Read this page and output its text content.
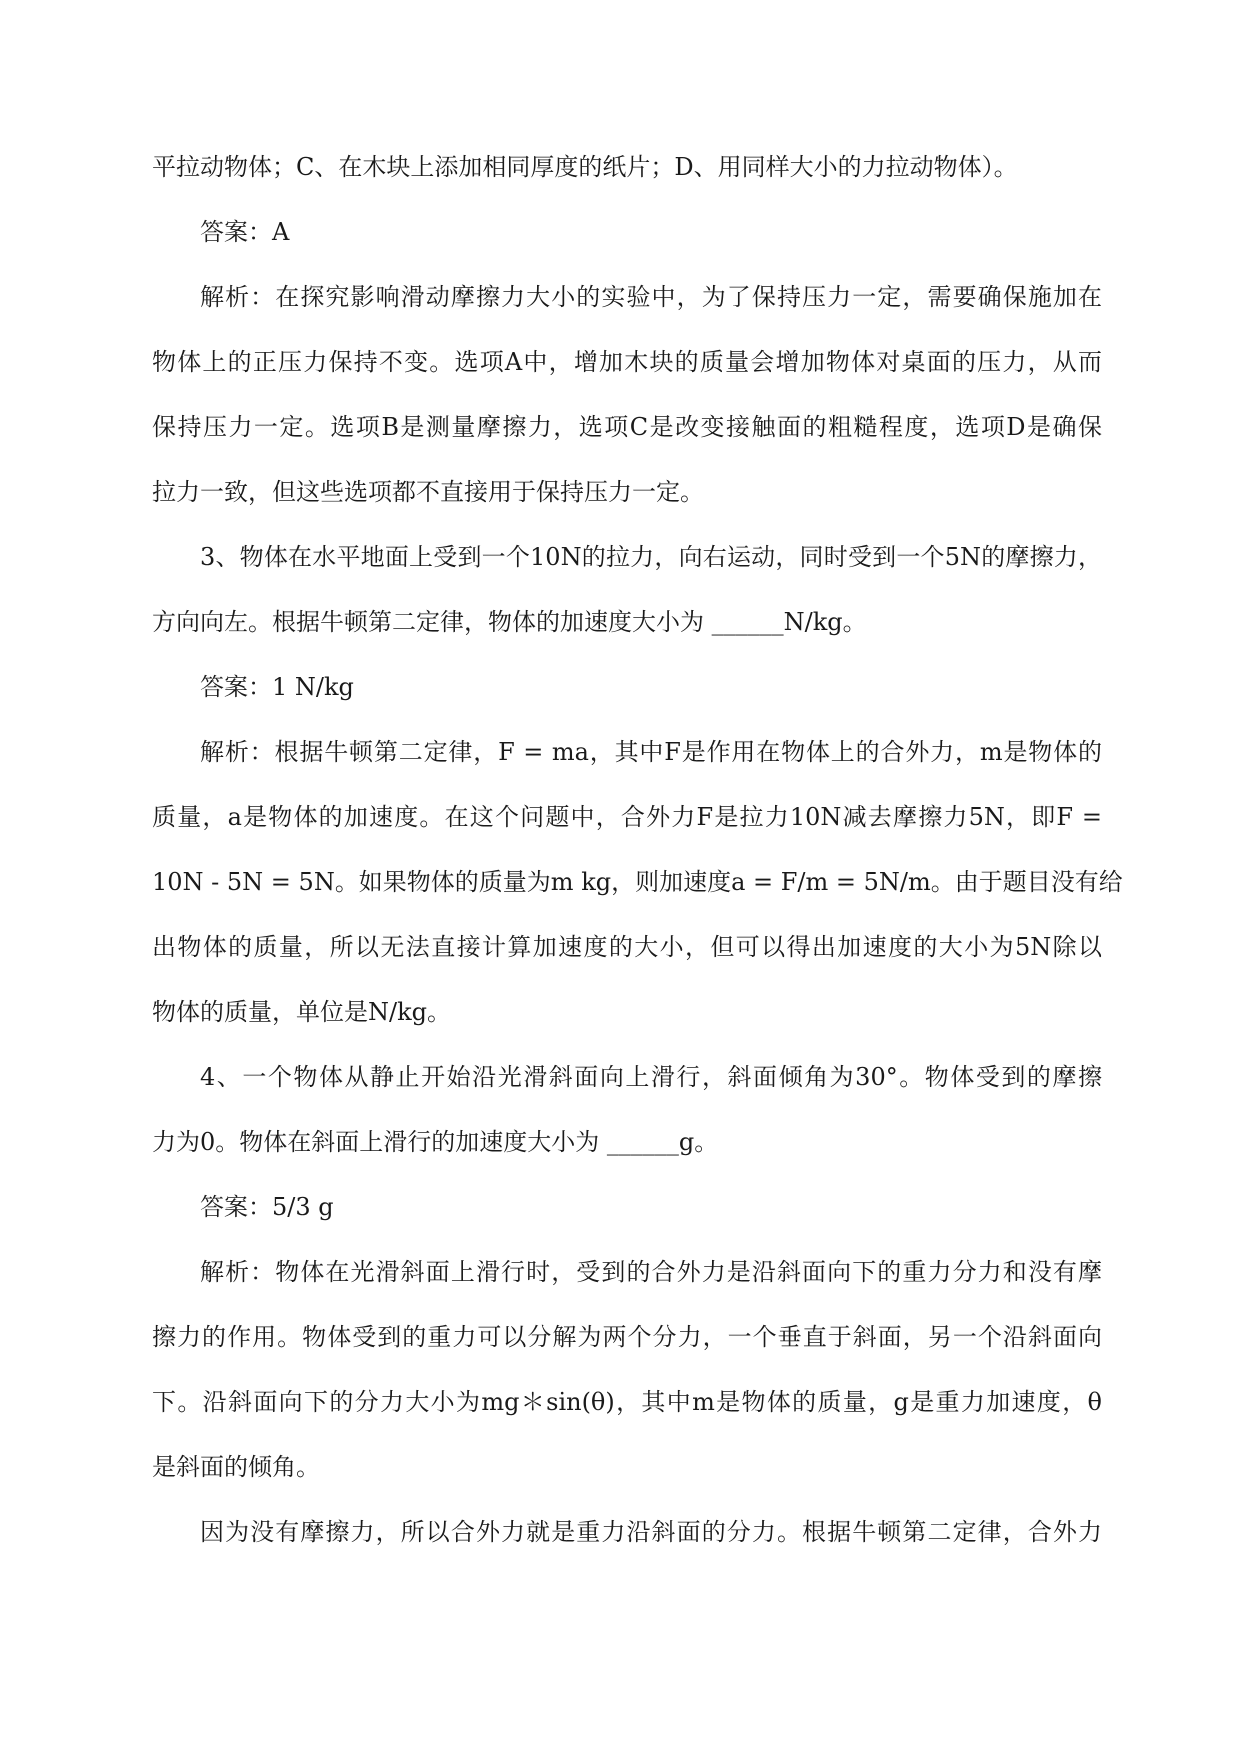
平拉动物体；C、在木块上添加相同厚度的纸片；D、用同样大小的力拉动物体）。
答案：A
解析：在探究影响滑动摩擦力大小的实验中，为了保持压力一定，需要确保施加在
物体上的正压力保持不变。选项A中，增加木块的质量会增加物体对桌面的压力，从而
保持压力一定。选项B是测量摩擦力，选项C是改变接触面的粗糙程度，选项D是确保
拉力一致，但这些选项都不直接用于保持压力一定。
3、物体在水平地面上受到一个10N的拉力，向右运动，同时受到一个5N的摩擦力，
方向向左。根据牛顿第二定律，物体的加速度大小为 ______N/kg。
答案：1 N/kg
解析：根据牛顿第二定律，F = ma，其中F是作用在物体上的合外力，m是物体的
质量，a是物体的加速度。在这个问题中，合外力F是拉力10N减去摩擦力5N，即F =
10N - 5N = 5N。如果物体的质量为m kg，则加速度a = F/m = 5N/m。由于题目没有给
出物体的质量，所以无法直接计算加速度的大小，但可以得出加速度的大小为5N除以
物体的质量，单位是N/kg。
4、一个物体从静止开始沿光滑斜面向上滑行，斜面倾角为30°。物体受到的摩擦
力为0。物体在斜面上滑行的加速度大小为 ______g。
答案：5/3 g
解析：物体在光滑斜面上滑行时，受到的合外力是沿斜面向下的重力分力和没有摩
擦力的作用。物体受到的重力可以分解为两个分力，一个垂直于斜面，另一个沿斜面向
下。沿斜面向下的分力大小为mg＊sin(θ)，其中m是物体的质量，g是重力加速度，θ
是斜面的倾角。
因为没有摩擦力，所以合外力就是重力沿斜面的分力。根据牛顿第二定律，合外力
